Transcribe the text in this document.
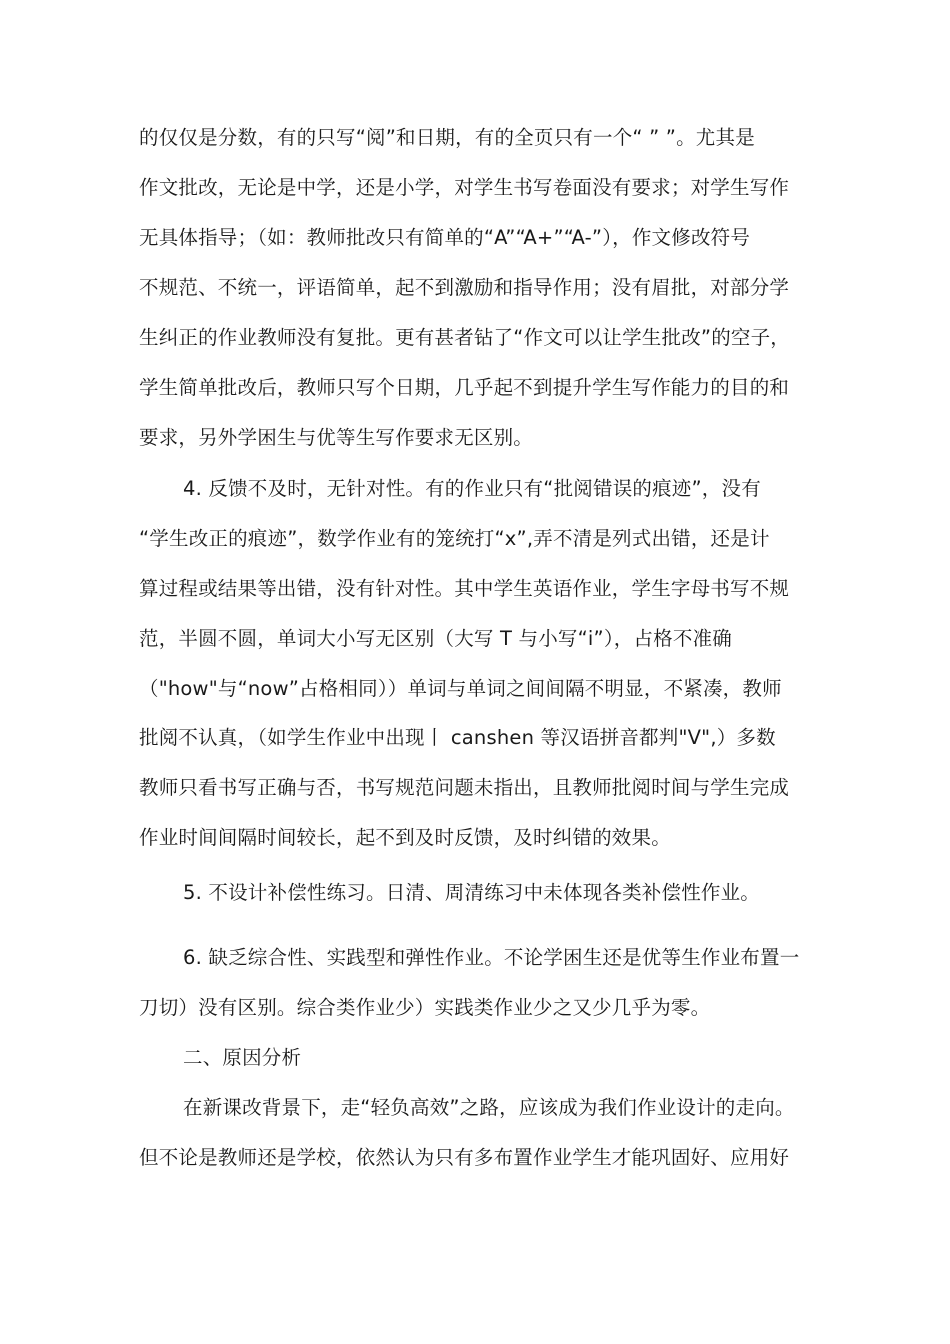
的仅仅是分数，有的只写“阅”和日期，有的全页只有一个“ ” ”。尤其是
作文批改，无论是中学，还是小学，对学生书写卷面没有要求；对学生写作
无具体指导；（如：教师批改只有简单的“A”“A+”“A-”），作文修改符号
不规范、不统一，评语简单，起不到激励和指导作用；没有眉批，对部分学
生纠正的作业教师没有复批。更有甚者钻了“作文可以让学生批改”的空子，
学生简单批改后，教师只写个日期，几乎起不到提升学生写作能力的目的和
要求，另外学困生与优等生写作要求无区别。
4. 反馈不及时，无针对性。有的作业只有“批阅错误的痕迹”，没有
“学生改正的痕迹”，数学作业有的笼统打“x”,弄不清是列式出错，还是计
算过程或结果等出错，没有针对性。其中学生英语作业，学生字母书写不规
范，半圆不圆，单词大小写无区别（大写 T 与小写“i”），占格不准确
（"how"与“now”占格相同））单词与单词之间间隔不明显，不紧凑，教师
批阅不认真，（如学生作业中出现丨 canshen 等汉语拼音都判"V",）多数
教师只看书写正确与否，书写规范问题未指出，且教师批阅时间与学生完成
作业时间间隔时间较长，起不到及时反馈，及时纠错的效果。
5. 不设计补偿性练习。日清、周清练习中未体现各类补偿性作业。
6. 缺乏综合性、实践型和弹性作业。不论学困生还是优等生作业布置一
刀切）没有区别。综合类作业少）实践类作业少之又少几乎为零。
二、原因分析
在新课改背景下，走“轻负高效”之路，应该成为我们作业设计的走向。
但不论是教师还是学校，依然认为只有多布置作业学生才能巩固好、应用好
